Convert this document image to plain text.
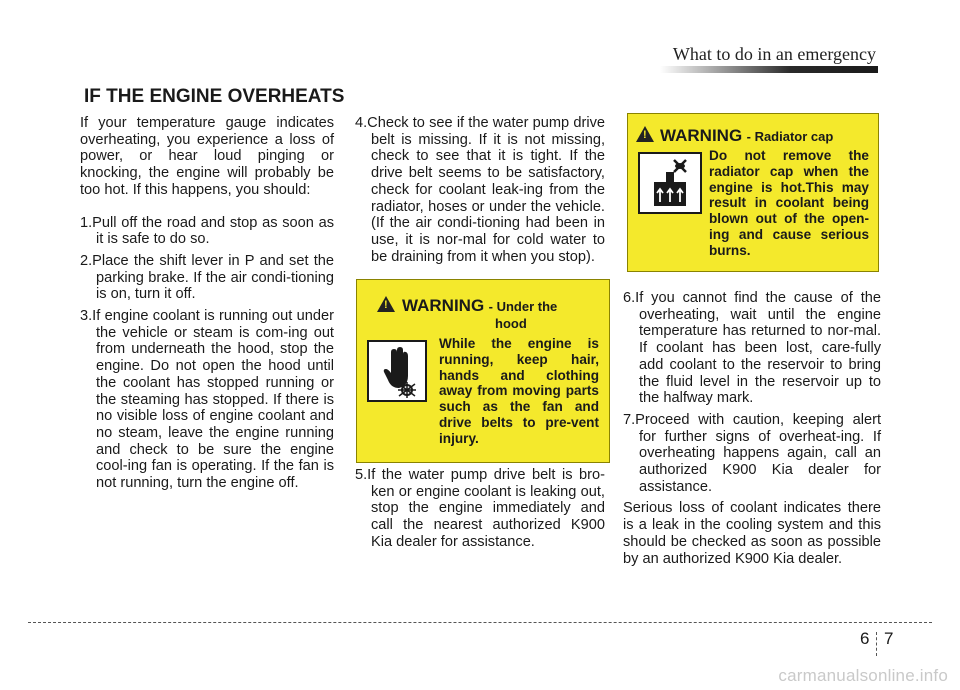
What to do in an emergency
IF THE ENGINE OVERHEATS

If your temperature gauge indicates overheating, you experience a loss of power, or hear loud pinging or knocking, the engine will probably be too hot. If this happens, you should:

1.Pull off the road and stop as soon as it is safe to do so.

2.Place the shift lever in P and set the parking brake. If the air condi-tioning is on, turn it off.

3.If engine coolant is running out under the vehicle or steam is com-ing out from underneath the hood, stop the engine. Do not open the hood until the coolant has stopped running or the steaming has stopped. If there is no visible loss of engine coolant and no steam, leave the engine running and check to be sure the engine cool-ing fan is operating. If the fan is not running, turn the engine off.

4.Check to see if the water pump drive belt is missing. If it is not missing, check to see that it is tight. If the drive belt seems to be satisfactory, check for coolant leak-ing from the radiator, hoses or under the vehicle. (If the air condi-tioning had been in use, it is nor-mal for cold water to be draining from it when you stop).

!
WARNING - Under the
hood
While the engine is running, keep hair, hands and clothing away from moving parts such as the fan and drive belts to pre-vent injury.

5.If the water pump drive belt is bro-ken or engine coolant is leaking out, stop the engine immediately and call the nearest authorized K900 Kia dealer for assistance.

!
WARNING - Radiator cap
Do not remove the radiator cap when the engine is hot.This may result in coolant being blown out of the open-ing and cause serious burns.

6.If you cannot find the cause of the overheating, wait until the engine temperature has returned to nor-mal. If coolant has been lost, care-fully add coolant to the reservoir to bring the fluid level in the reservoir up to the halfway mark.

7.Proceed with caution, keeping alert for further signs of overheat-ing. If overheating happens again, call an authorized K900 Kia dealer for assistance.

Serious loss of coolant indicates there is a leak in the cooling system and this should be checked as soon as possible by an authorized K900 Kia dealer.

6 7
carmanualsonline.info
